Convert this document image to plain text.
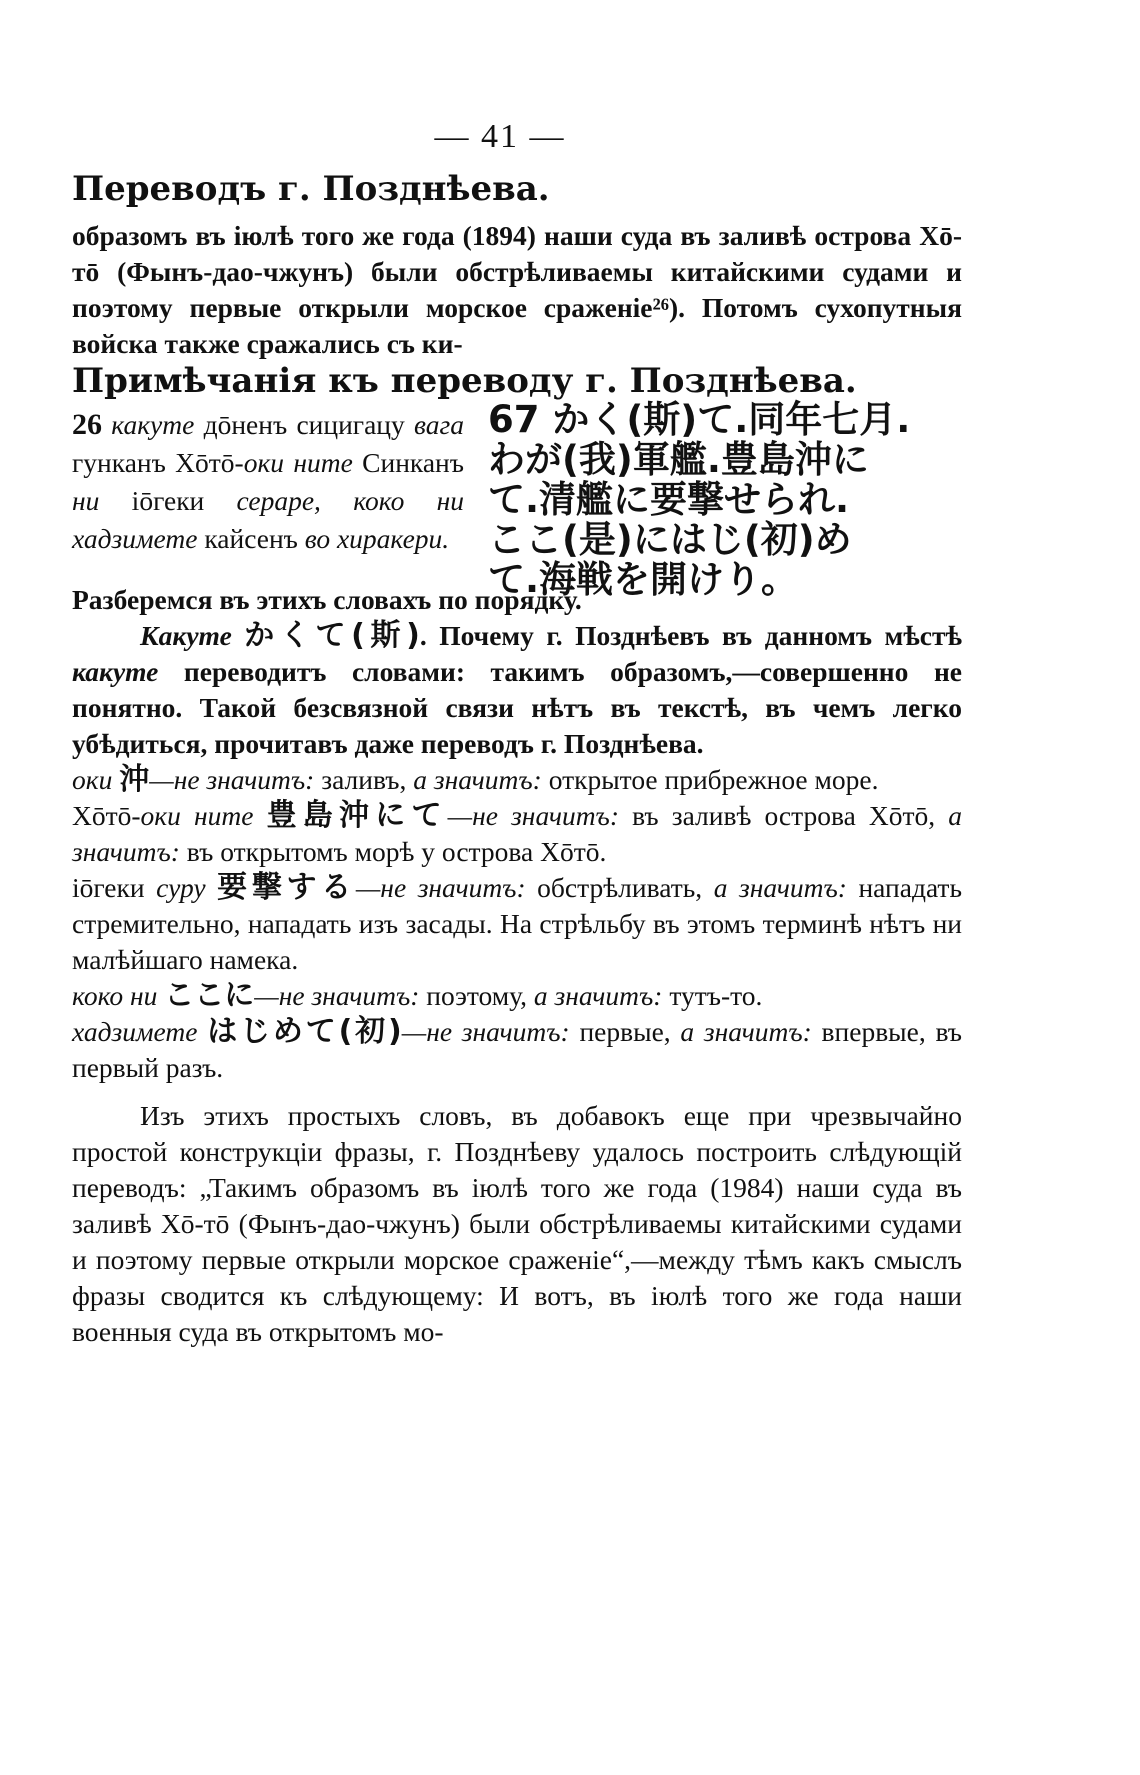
— 41 —

Переводъ г. Позднѣева.

образомъ въ іюлѣ того же года (1894) наши суда въ заливѣ острова Хō-тō (Фынъ-дао-чжунъ) были обстрѣливаемы китайскими судами и поэтому первые открыли морское сраженіе²⁶). Потомъ сухопутныя войска также сражались съ ки-

Примѣчанія къ переводу г. Позднѣева.

26 какуте дōненъ сицигацу вага гунканъ Хōтō-оки ните Синканъ ни іōгеки серарe, коко ни хадзимете кайсенъ во хиракери.

67 かく(斯)て.同年七月.
わが(我)軍艦.豊島沖に
て.清艦に要撃せられ.
ここ(是)にはじ(初)め
て.海戦を開けり。

Разберемся въ этихъ словахъ по порядку.

Какуте かくて(斯). Почему г. Позднѣевъ въ данномъ мѣстѣ какуте переводитъ словами: такимъ образомъ,—совершенно не понятно. Такой безсвязной связи нѣтъ въ текстѣ, въ чемъ легко убѣдиться, прочитавъ даже переводъ г. Позднѣева.

оки 沖—не значитъ: заливъ, а значитъ: открытое прибрежное море.

Хōтō-оки ните 豊島沖にて—не значитъ: въ заливѣ острова Хōтō, а значитъ: въ открытомъ морѣ у острова Хōтō.

іōгеки суру 要撃する—не значитъ: обстрѣливать, а значитъ: нападать стремительно, нападать изъ засады. На стрѣльбу въ этомъ терминѣ нѣтъ ни малѣйшаго намека.

коко ни ここに—не значитъ: поэтому, а значитъ: тутъ-то.

хадзимете はじめて(初)—не значитъ: первые, а значитъ: впервые, въ первый разъ.

Изъ этихъ простыхъ словъ, въ добавокъ еще при чрезвычайно простой конструкціи фразы, г. Позднѣеву удалось построить слѣдующій переводъ: „Такимъ образомъ въ іюлѣ того же года (1984) наши суда въ заливѣ Хō-тō (Фынъ-дао-чжунъ) были обстрѣливаемы китайскими судами и поэтому первые открыли морское сраженіе“,—между тѣмъ какъ смыслъ фразы сводится къ слѣдующему: И вотъ, въ іюлѣ того же года наши военныя суда въ открытомъ мо-
